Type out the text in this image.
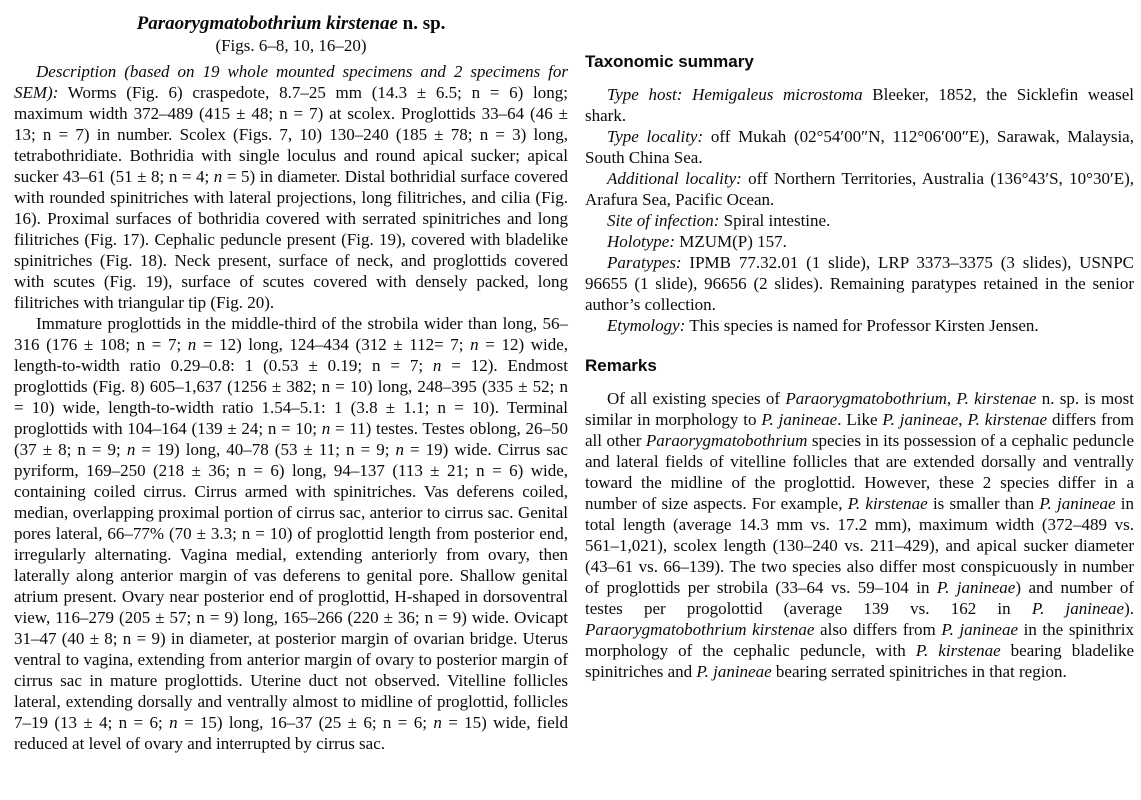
Paraorygmatobothrium kirstenae n. sp.
(Figs. 6–8, 10, 16–20)

Description (based on 19 whole mounted specimens and 2 specimens for SEM): Worms (Fig. 6) craspedote, 8.7–25 mm (14.3 ± 6.5; n = 6) long; maximum width 372–489 (415 ± 48; n = 7) at scolex. Proglottids 33–64 (46 ± 13; n = 7) in number. Scolex (Figs. 7, 10) 130–240 (185 ± 78; n = 3) long, tetrabothridiate. Bothridia with single loculus and round apical sucker; apical sucker 43–61 (51 ± 8; n = 4; n = 5) in diameter. Distal bothridial surface covered with rounded spinitriches with lateral projections, long filitriches, and cilia (Fig. 16). Proximal surfaces of bothridia covered with serrated spinitriches and long filitriches (Fig. 17). Cephalic peduncle present (Fig. 19), covered with bladelike spinitriches (Fig. 18). Neck present, surface of neck, and proglottids covered with scutes (Fig. 19), surface of scutes covered with densely packed, long filitriches with triangular tip (Fig. 20).

Immature proglottids in the middle-third of the strobila wider than long, 56–316 (176 ± 108; n = 7; n = 12) long, 124–434 (312 ± 112= 7; n = 12) wide, length-to-width ratio 0.29–0.8: 1 (0.53 ± 0.19; n = 7; n = 12). Endmost proglottids (Fig. 8) 605–1,637 (1256 ± 382; n = 10) long, 248–395 (335 ± 52; n = 10) wide, length-to-width ratio 1.54–5.1: 1 (3.8 ± 1.1; n = 10). Terminal proglottids with 104–164 (139 ± 24; n = 10; n = 11) testes. Testes oblong, 26–50 (37 ± 8; n = 9; n = 19) long, 40–78 (53 ± 11; n = 9; n = 19) wide. Cirrus sac pyriform, 169–250 (218 ± 36; n = 6) long, 94–137 (113 ± 21; n = 6) wide, containing coiled cirrus. Cirrus armed with spinitriches. Vas deferens coiled, median, overlapping proximal portion of cirrus sac, anterior to cirrus sac. Genital pores lateral, 66–77% (70 ± 3.3; n = 10) of proglottid length from posterior end, irregularly alternating. Vagina medial, extending anteriorly from ovary, then laterally along anterior margin of vas deferens to genital pore. Shallow genital atrium present. Ovary near posterior end of proglottid, H-shaped in dorsoventral view, 116–279 (205 ± 57; n = 9) long, 165–266 (220 ± 36; n = 9) wide. Ovicapt 31–47 (40 ± 8; n = 9) in diameter, at posterior margin of ovarian bridge. Uterus ventral to vagina, extending from anterior margin of ovary to posterior margin of cirrus sac in mature proglottids. Uterine duct not observed. Vitelline follicles lateral, extending dorsally and ventrally almost to midline of proglottid, follicles 7–19 (13 ± 4; n = 6; n = 15) long, 16–37 (25 ± 6; n = 6; n = 15) wide, field reduced at level of ovary and interrupted by cirrus sac.

Taxonomic summary

Type host: Hemigaleus microstoma Bleeker, 1852, the Sicklefin weasel shark.

Type locality: off Mukah (02°54′00″N, 112°06′00″E), Sarawak, Malaysia, South China Sea.

Additional locality: off Northern Territories, Australia (136°43′S, 10°30′E), Arafura Sea, Pacific Ocean.

Site of infection: Spiral intestine.

Holotype: MZUM(P) 157.

Paratypes: IPMB 77.32.01 (1 slide), LRP 3373–3375 (3 slides), USNPC 96655 (1 slide), 96656 (2 slides). Remaining paratypes retained in the senior author’s collection.

Etymology: This species is named for Professor Kirsten Jensen.

Remarks

Of all existing species of Paraorygmatobothrium, P. kirstenae n. sp. is most similar in morphology to P. janineae. Like P. janineae, P. kirstenae differs from all other Paraorygmatobothrium species in its possession of a cephalic peduncle and lateral fields of vitelline follicles that are extended dorsally and ventrally toward the midline of the proglottid. However, these 2 species differ in a number of size aspects. For example, P. kirstenae is smaller than P. janineae in total length (average 14.3 mm vs. 17.2 mm), maximum width (372–489 vs. 561–1,021), scolex length (130–240 vs. 211–429), and apical sucker diameter (43–61 vs. 66–139). The two species also differ most conspicuously in number of proglottids per strobila (33–64 vs. 59–104 in P. janineae) and number of testes per progolottid (average 139 vs. 162 in P. janineae). Paraorygmatobothrium kirstenae also differs from P. janineae in the spinithrix morphology of the cephalic peduncle, with P. kirstenae bearing bladelike spinitriches and P. janineae bearing serrated spinitriches in that region.
